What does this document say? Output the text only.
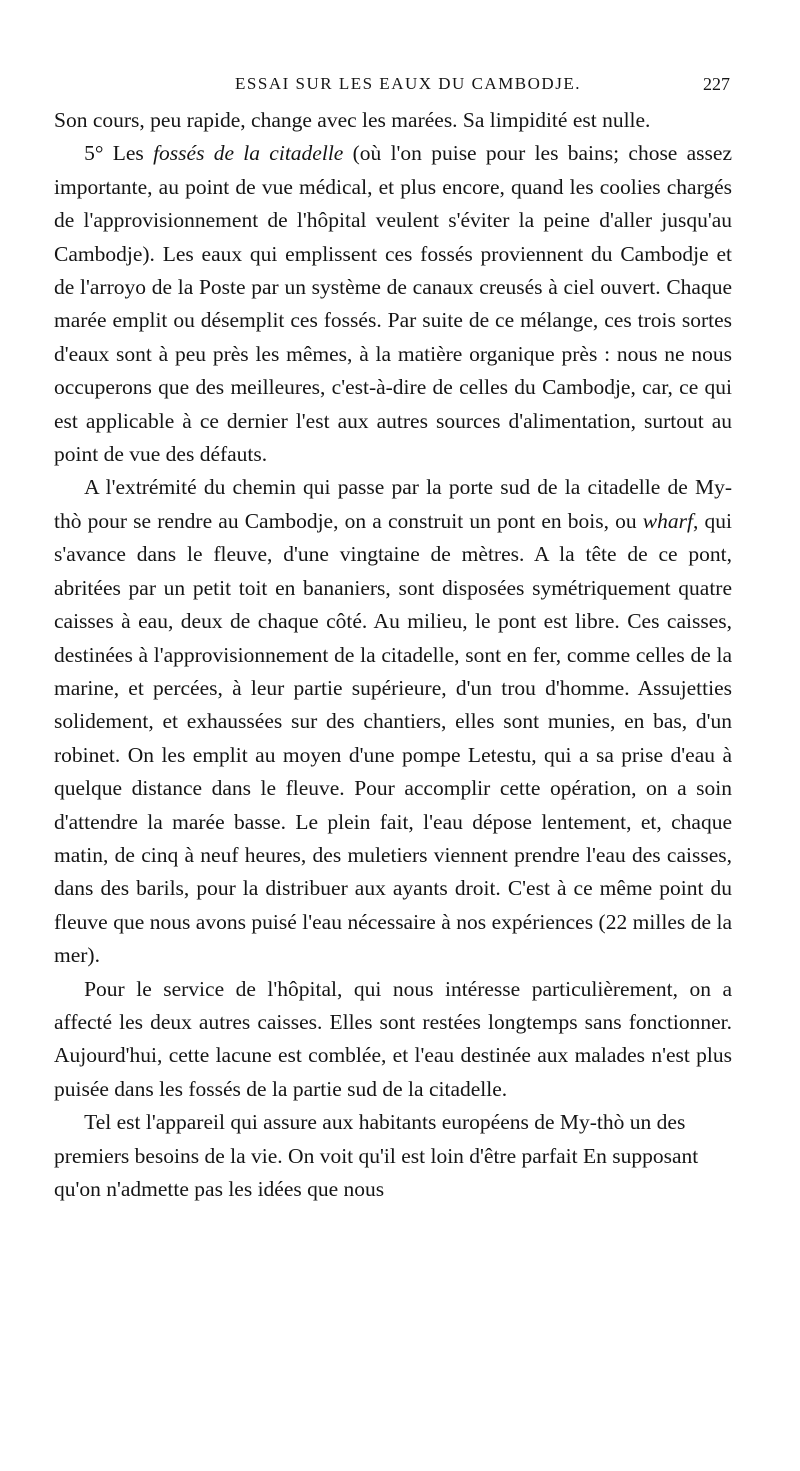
ESSAI SUR LES EAUX DU CAMBODJE.	227

Son cours, peu rapide, change avec les marées. Sa limpidité est nulle.

5° Les fossés de la citadelle (où l'on puise pour les bains; chose assez importante, au point de vue médical, et plus encore, quand les coolies chargés de l'approvisionnement de l'hôpital veulent s'éviter la peine d'aller jusqu'au Cambodje). Les eaux qui emplissent ces fossés proviennent du Cambodje et de l'arroyo de la Poste par un système de canaux creusés à ciel ouvert. Chaque marée emplit ou désemplit ces fossés. Par suite de ce mélange, ces trois sortes d'eaux sont à peu près les mêmes, à la matière organique près : nous ne nous occuperons que des meilleures, c'est-à-dire de celles du Cambodje, car, ce qui est applicable à ce dernier l'est aux autres sources d'alimentation, surtout au point de vue des défauts.

A l'extrémité du chemin qui passe par la porte sud de la citadelle de My-thò pour se rendre au Cambodje, on a construit un pont en bois, ou wharf, qui s'avance dans le fleuve, d'une vingtaine de mètres. A la tête de ce pont, abritées par un petit toit en bananiers, sont disposées symétriquement quatre caisses à eau, deux de chaque côté. Au milieu, le pont est libre. Ces caisses, destinées à l'approvisionnement de la citadelle, sont en fer, comme celles de la marine, et percées, à leur partie supérieure, d'un trou d'homme. Assujetties solidement, et exhaussées sur des chantiers, elles sont munies, en bas, d'un robinet. On les emplit au moyen d'une pompe Letestu, qui a sa prise d'eau à quelque distance dans le fleuve. Pour accomplir cette opération, on a soin d'attendre la marée basse. Le plein fait, l'eau dépose lentement, et, chaque matin, de cinq à neuf heures, des muletiers viennent prendre l'eau des caisses, dans des barils, pour la distribuer aux ayants droit. C'est à ce même point du fleuve que nous avons puisé l'eau nécessaire à nos expériences (22 milles de la mer).

Pour le service de l'hôpital, qui nous intéresse particulièrement, on a affecté les deux autres caisses. Elles sont restées longtemps sans fonctionner. Aujourd'hui, cette lacune est comblée, et l'eau destinée aux malades n'est plus puisée dans les fossés de la partie sud de la citadelle.

Tel est l'appareil qui assure aux habitants européens de My-thò un des premiers besoins de la vie. On voit qu'il est loin d'être parfait En supposant qu'on n'admette pas les idées que nous
